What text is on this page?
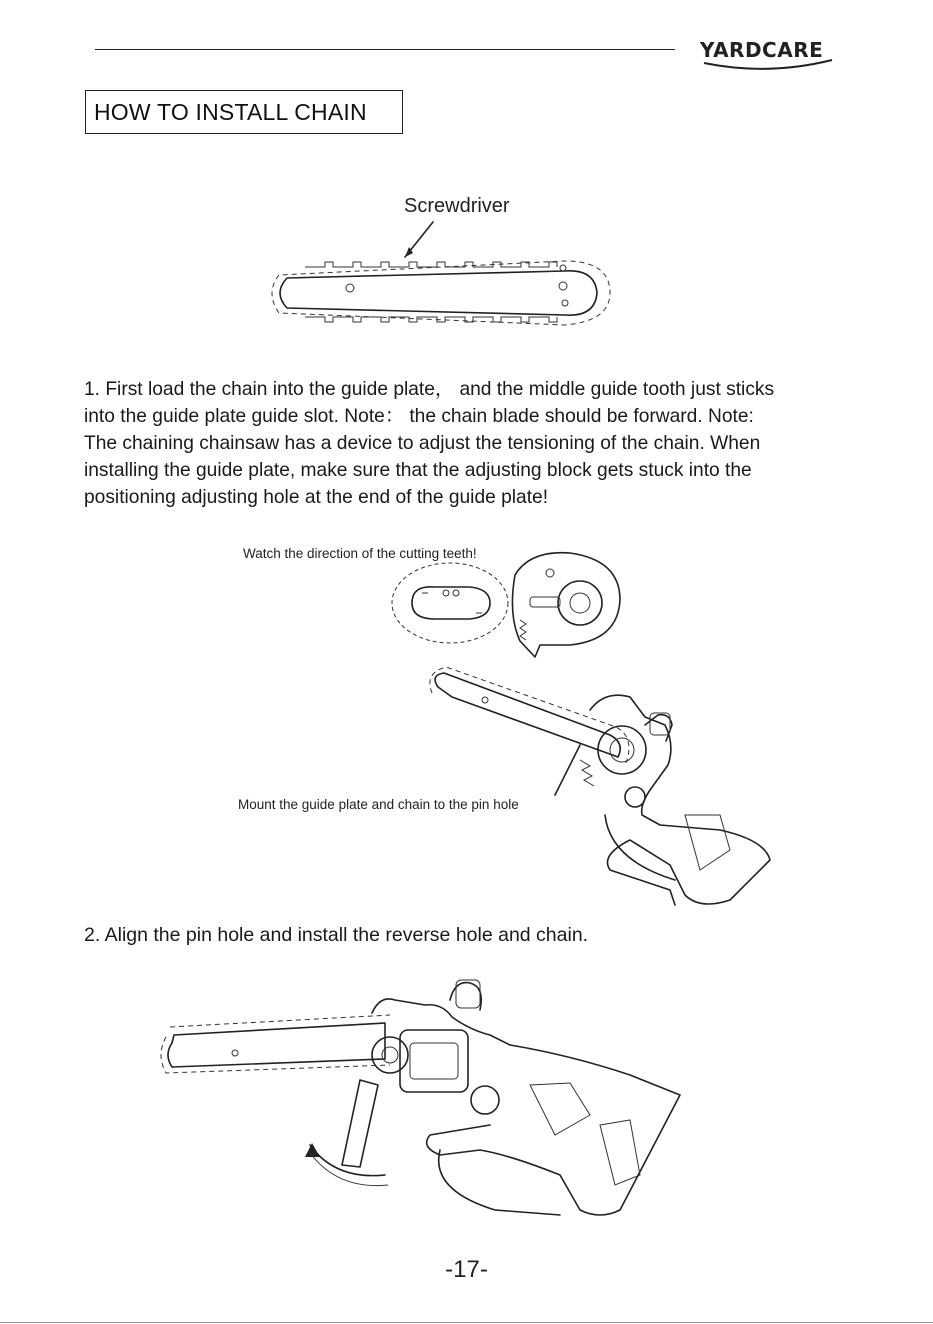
YARDCARE
HOW TO INSTALL CHAIN
Screwdriver
1. First load the chain into the guide plate， and the middle guide tooth just sticks
into the guide plate guide slot. Note： the chain blade should be forward. Note:
The chaining chainsaw has a device to adjust the tensioning of the chain. When
installing the guide plate, make sure that the adjusting block gets stuck into the
positioning adjusting hole at the end of the guide plate!
Watch the direction of the cutting teeth!
Mount the guide plate and chain to the pin hole
2. Align the pin hole and install the reverse hole and chain.
-17-
